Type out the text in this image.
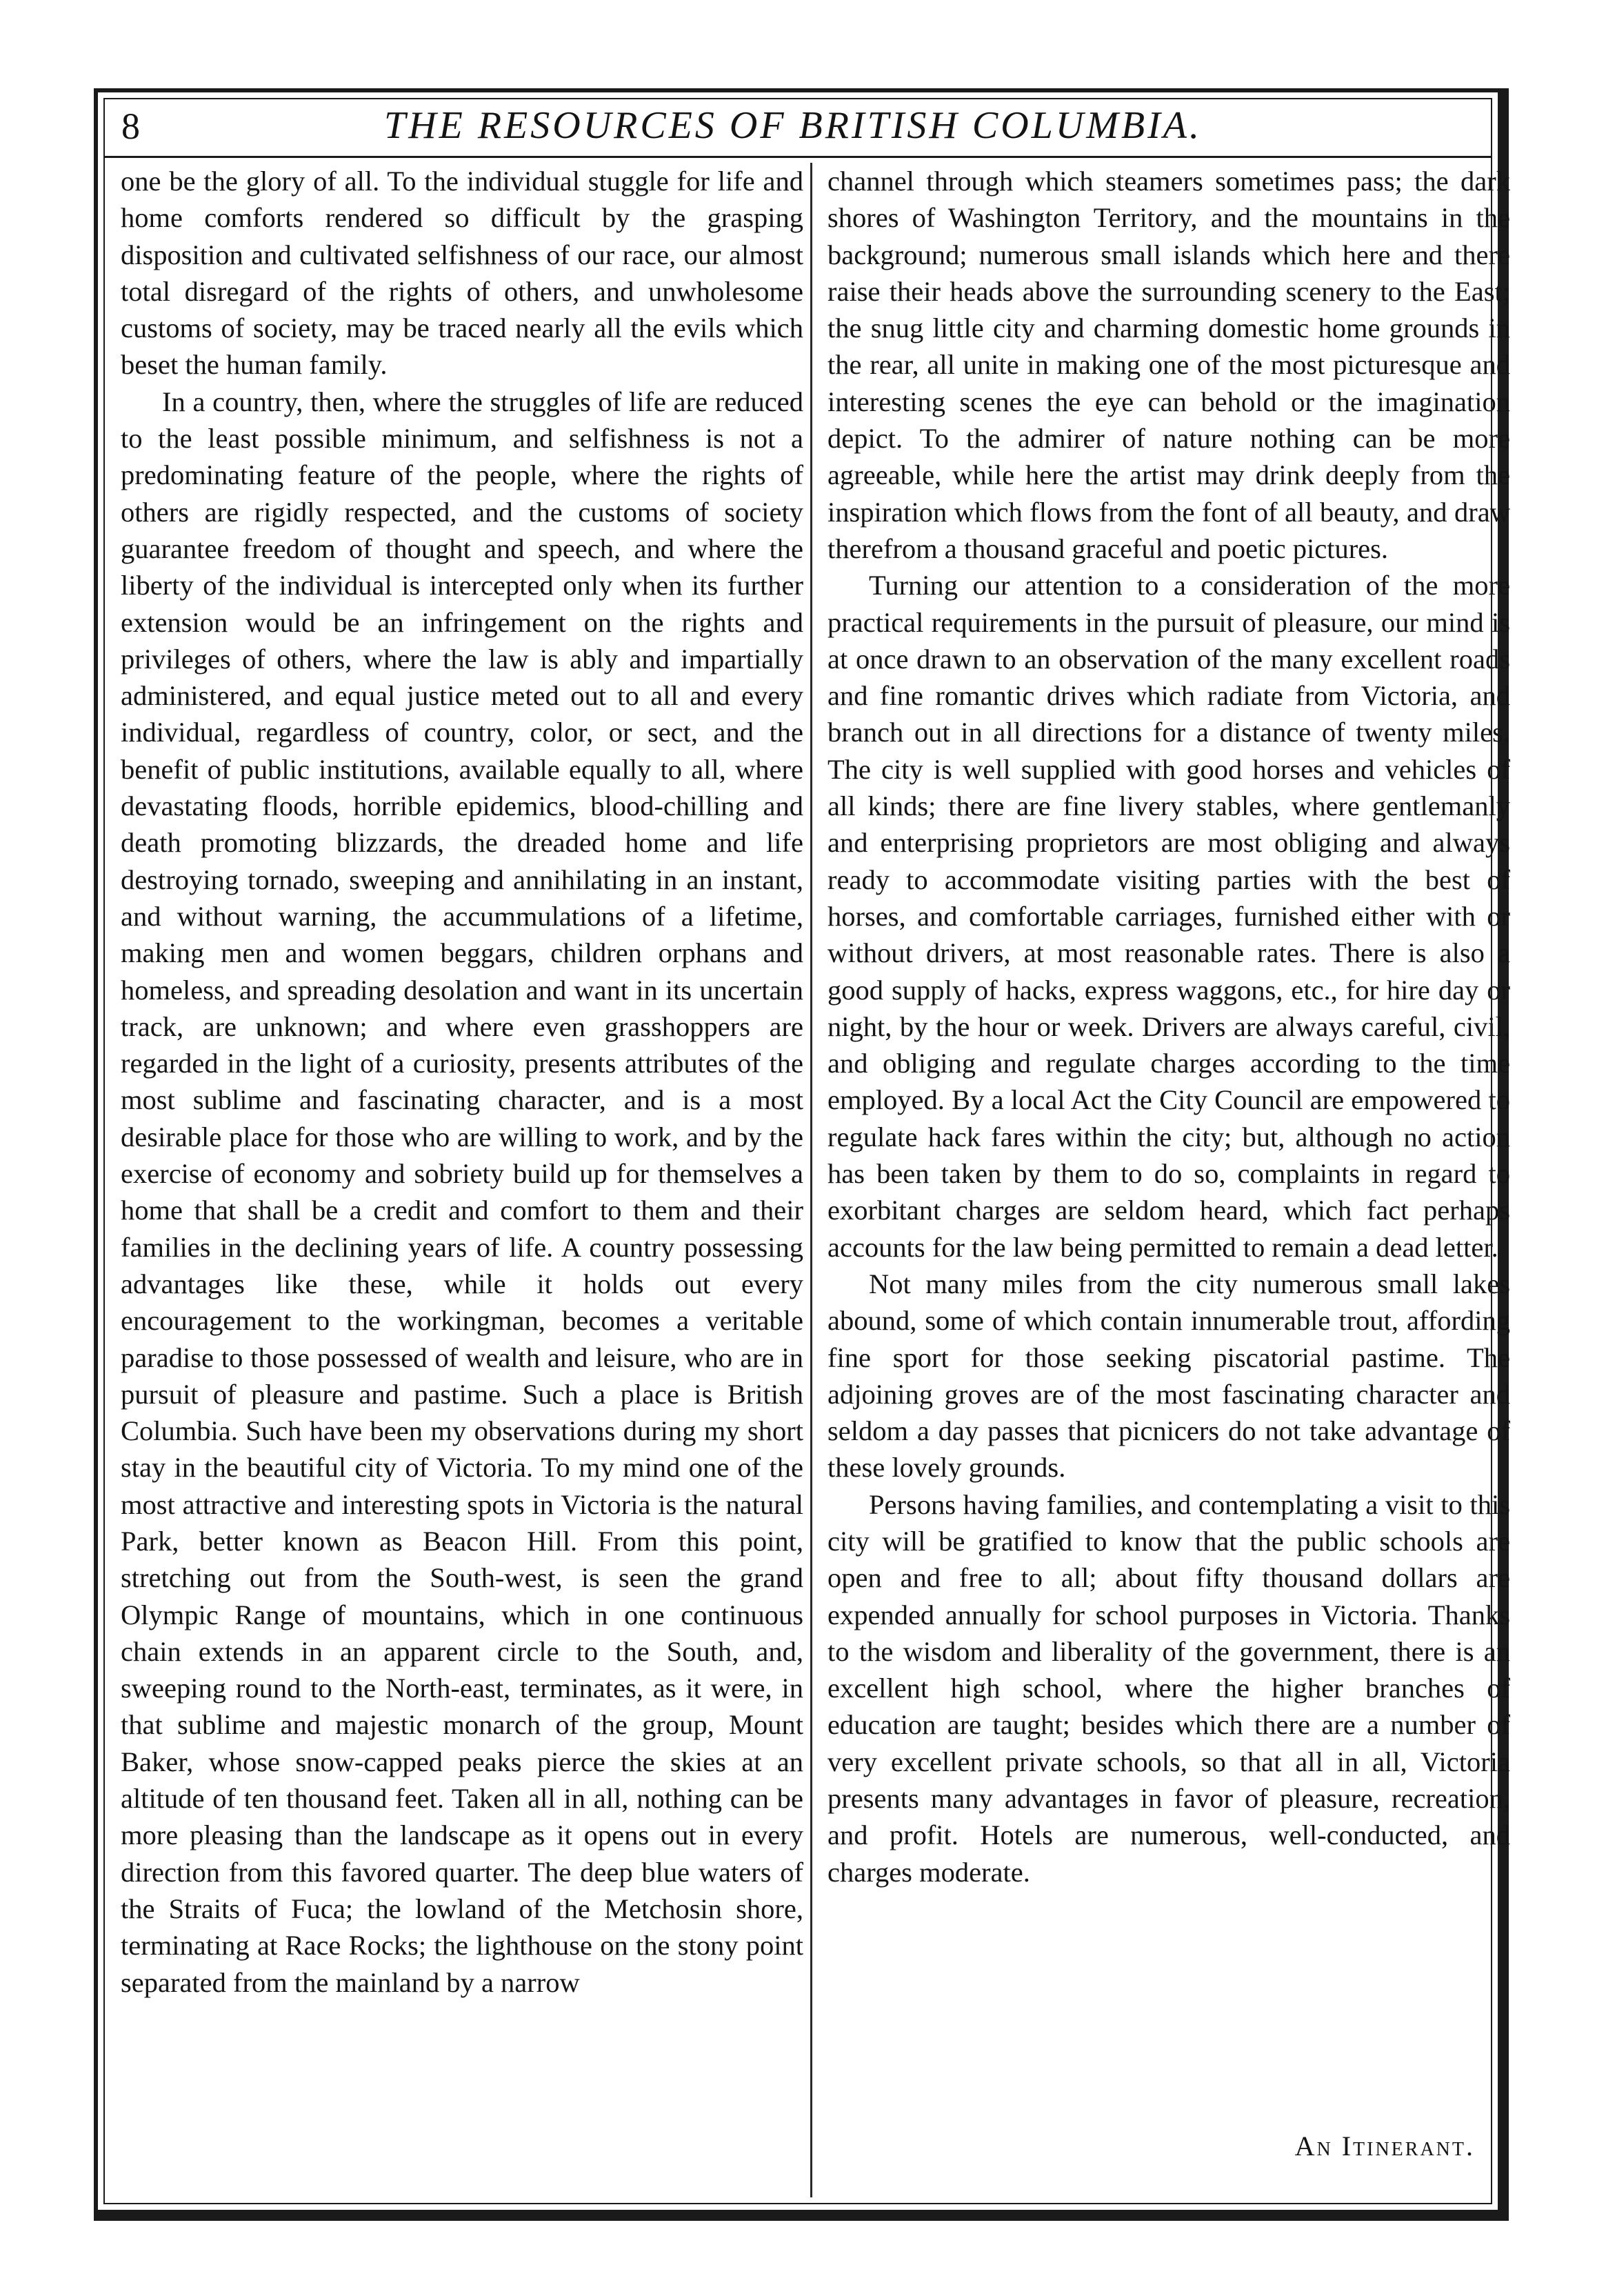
8	THE RESOURCES OF BRITISH COLUMBIA.

one be the glory of all. To the individual stuggle for life and home comforts rendered so difficult by the grasping disposition and cultivated selfishness of our race, our almost total disregard of the rights of others, and unwholesome customs of society, may be traced nearly all the evils which beset the human family.

In a country, then, where the struggles of life are reduced to the least possible minimum, and selfishness is not a predominating feature of the people, where the rights of others are rigidly respected, and the customs of society guarantee freedom of thought and speech, and where the liberty of the individual is intercepted only when its further extension would be an infringement on the rights and privileges of others, where the law is ably and impartially administered, and equal justice meted out to all and every individual, regardless of country, color, or sect, and the benefit of public institutions, available equally to all, where devastating floods, horrible epidemics, blood-chilling and death promoting blizzards, the dreaded home and life destroying tornado, sweeping and annihilating in an instant, and without warning, the accummulations of a lifetime, making men and women beggars, children orphans and homeless, and spreading desolation and want in its uncertain track, are unknown; and where even grasshoppers are regarded in the light of a curiosity, presents attributes of the most sublime and fascinating character, and is a most desirable place for those who are willing to work, and by the exercise of economy and sobriety build up for themselves a home that shall be a credit and comfort to them and their families in the declining years of life. A country possessing advantages like these, while it holds out every encouragement to the workingman, becomes a veritable paradise to those possessed of wealth and leisure, who are in pursuit of pleasure and pastime. Such a place is British Columbia. Such have been my observations during my short stay in the beautiful city of Victoria. To my mind one of the most attractive and interesting spots in Victoria is the natural Park, better known as Beacon Hill. From this point, stretching out from the South-west, is seen the grand Olympic Range of mountains, which in one continuous chain extends in an apparent circle to the South, and, sweeping round to the North-east, terminates, as it were, in that sublime and majestic monarch of the group, Mount Baker, whose snow-capped peaks pierce the skies at an altitude of ten thousand feet. Taken all in all, nothing can be more pleasing than the landscape as it opens out in every direction from this favored quarter. The deep blue waters of the Straits of Fuca; the lowland of the Metchosin shore, terminating at Race Rocks; the lighthouse on the stony point separated from the mainland by a narrow

channel through which steamers sometimes pass; the dark shores of Washington Territory, and the mountains in the background; numerous small islands which here and there raise their heads above the surrounding scenery to the East; the snug little city and charming domestic home grounds in the rear, all unite in making one of the most picturesque and interesting scenes the eye can behold or the imagination depict. To the admirer of nature nothing can be more agreeable, while here the artist may drink deeply from the inspiration which flows from the font of all beauty, and draw therefrom a thousand graceful and poetic pictures.

Turning our attention to a consideration of the more practical requirements in the pursuit of pleasure, our mind is at once drawn to an observation of the many excellent roads and fine romantic drives which radiate from Victoria, and branch out in all directions for a distance of twenty miles. The city is well supplied with good horses and vehicles of all kinds; there are fine livery stables, where gentlemanly and enterprising proprietors are most obliging and always ready to accommodate visiting parties with the best of horses, and comfortable carriages, furnished either with or without drivers, at most reasonable rates. There is also a good supply of hacks, express waggons, etc., for hire day or night, by the hour or week. Drivers are always careful, civil, and obliging and regulate charges according to the time employed. By a local Act the City Council are empowered to regulate hack fares within the city; but, although no action has been taken by them to do so, complaints in regard to exorbitant charges are seldom heard, which fact perhaps accounts for the law being permitted to remain a dead letter.

Not many miles from the city numerous small lakes abound, some of which contain innumerable trout, affording fine sport for those seeking piscatorial pastime. The adjoining groves are of the most fascinating character and seldom a day passes that picnicers do not take advantage of these lovely grounds.

Persons having families, and contemplating a visit to this city will be gratified to know that the public schools are open and free to all; about fifty thousand dollars are expended annually for school purposes in Victoria. Thanks to the wisdom and liberality of the government, there is an excellent high school, where the higher branches of education are taught; besides which there are a number of very excellent private schools, so that all in all, Victoria presents many advantages in favor of pleasure, recreation, and profit. Hotels are numerous, well-conducted, and charges moderate.

An Itinerant.
